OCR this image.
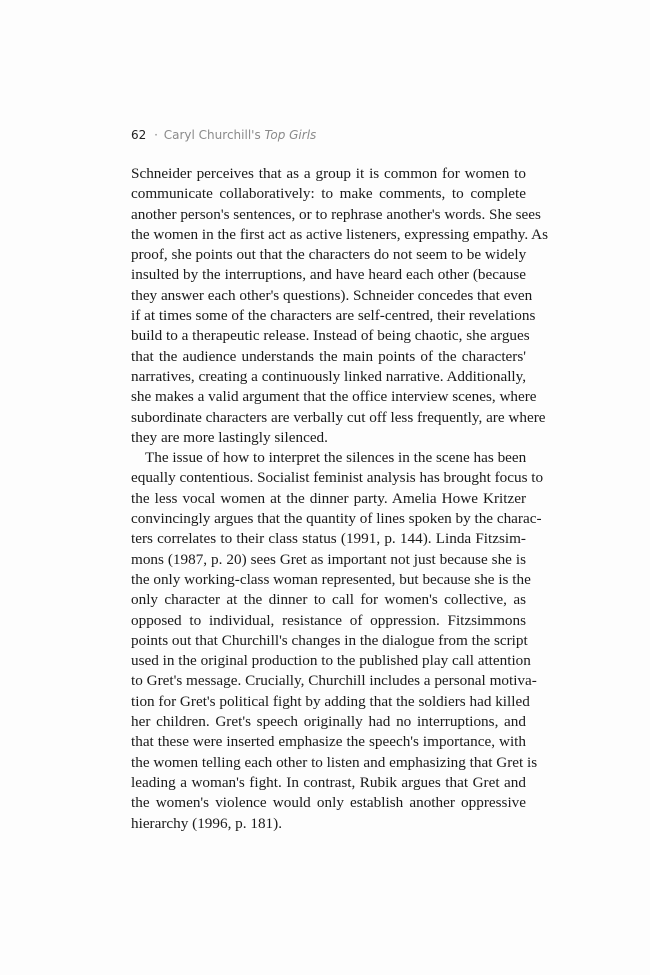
62 · Caryl Churchill's Top Girls
Schneider perceives that as a group it is common for women to
communicate collaboratively: to make comments, to complete
another person's sentences, or to rephrase another's words. She sees
the women in the first act as active listeners, expressing empathy. As
proof, she points out that the characters do not seem to be widely
insulted by the interruptions, and have heard each other (because
they answer each other's questions). Schneider concedes that even
if at times some of the characters are self-centred, their revelations
build to a therapeutic release. Instead of being chaotic, she argues
that the audience understands the main points of the characters'
narratives, creating a continuously linked narrative. Additionally,
she makes a valid argument that the office interview scenes, where
subordinate characters are verbally cut off less frequently, are where
they are more lastingly silenced.
The issue of how to interpret the silences in the scene has been
equally contentious. Socialist feminist analysis has brought focus to
the less vocal women at the dinner party. Amelia Howe Kritzer
convincingly argues that the quantity of lines spoken by the charac-
ters correlates to their class status (1991, p. 144). Linda Fitzsim-
mons (1987, p. 20) sees Gret as important not just because she is
the only working-class woman represented, but because she is the
only character at the dinner to call for women's collective, as
opposed to individual, resistance of oppression. Fitzsimmons
points out that Churchill's changes in the dialogue from the script
used in the original production to the published play call attention
to Gret's message. Crucially, Churchill includes a personal motiva-
tion for Gret's political fight by adding that the soldiers had killed
her children. Gret's speech originally had no interruptions, and
that these were inserted emphasize the speech's importance, with
the women telling each other to listen and emphasizing that Gret is
leading a woman's fight. In contrast, Rubik argues that Gret and
the women's violence would only establish another oppressive
hierarchy (1996, p. 181).
